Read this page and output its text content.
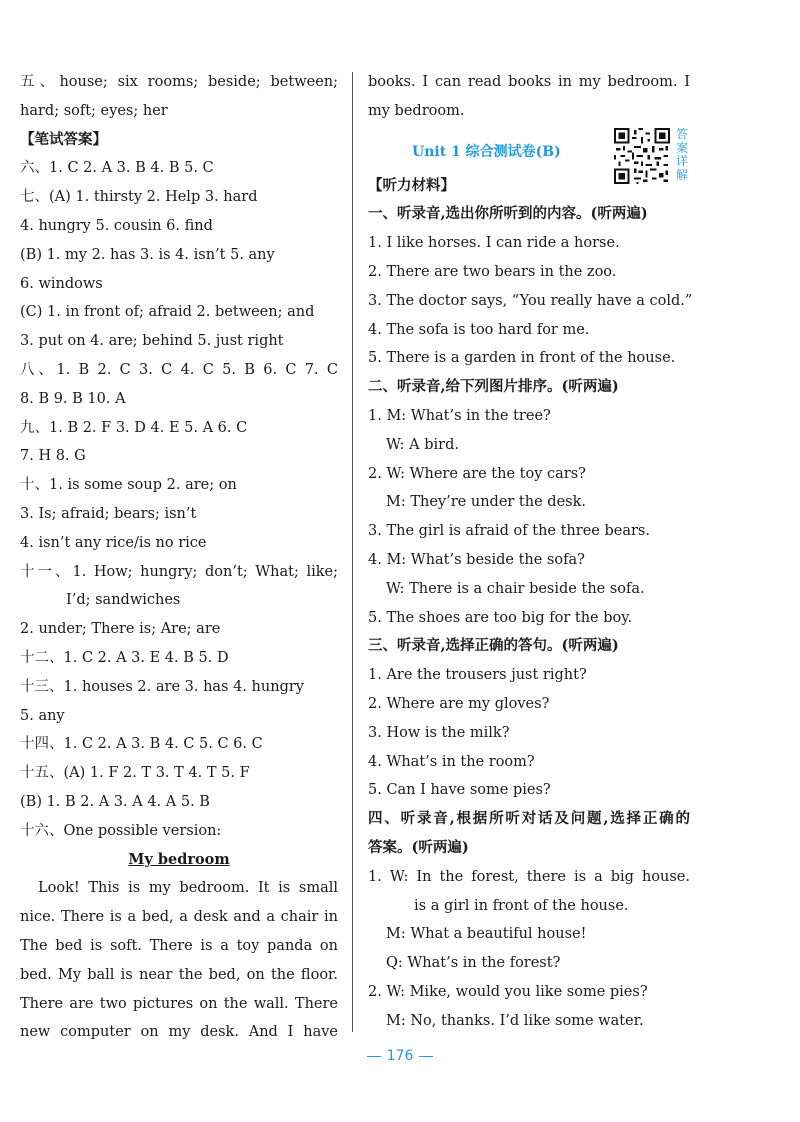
五、house; six rooms; beside; between;
hard; soft; eyes; her
【笔试答案】
六、1. C 2. A 3. B 4. B 5. C
七、(A) 1. thirsty 2. Help 3. hard
4. hungry 5. cousin 6. find
(B) 1. my 2. has 3. is 4. isn’t 5. any
6. windows
(C) 1. in front of; afraid 2. between; and
3. put on 4. are; behind 5. just right
八、1. B 2. C 3. C 4. C 5. B 6. C 7. C
8. B 9. B 10. A
九、1. B 2. F 3. D 4. E 5. A 6. C
7. H 8. G
十、1. is some soup 2. are; on
3. Is; afraid; bears; isn’t
4. isn’t any rice/is no rice
十一、1. How; hungry; don’t; What; like;
I’d; sandwiches
2. under; There is; Are; are
十二、1. C 2. A 3. E 4. B 5. D
十三、1. houses 2. are 3. has 4. hungry
5. any
十四、1. C 2. A 3. B 4. C 5. C 6. C
十五、(A) 1. F 2. T 3. T 4. T 5. F
(B) 1. B 2. A 3. A 4. A 5. B
十六、One possible version:
My bedroom
Look! This is my bedroom. It is small
nice. There is a bed, a desk and a chair in
The bed is soft. There is a toy panda on
bed. My ball is near the bed, on the floor.
There are two pictures on the wall. There
new computer on my desk. And I have
books. I can read books in my bedroom. I
my bedroom.
Unit 1 综合测试卷(B)
【听力材料】
一、听录音,选出你所听到的内容。(听两遍)
1. I like horses. I can ride a horse.
2. There are two bears in the zoo.
3. The doctor says, “You really have a cold.”
4. The sofa is too hard for me.
5. There is a garden in front of the house.
二、听录音,给下列图片排序。(听两遍)
1. M: What’s in the tree?
W: A bird.
2. W: Where are the toy cars?
M: They’re under the desk.
3. The girl is afraid of the three bears.
4. M: What’s beside the sofa?
W: There is a chair beside the sofa.
5. The shoes are too big for the boy.
三、听录音,选择正确的答句。(听两遍)
1. Are the trousers just right?
2. Where are my gloves?
3. How is the milk?
4. What’s in the room?
5. Can I have some pies?
四、听录音,根据所听对话及问题,选择正确的
答案。(听两遍)
1. W: In the forest, there is a big house.
is a girl in front of the house.
M: What a beautiful house!
Q: What’s in the forest?
2. W: Mike, would you like some pies?
M: No, thanks. I’d like some water.
答案详解
176
